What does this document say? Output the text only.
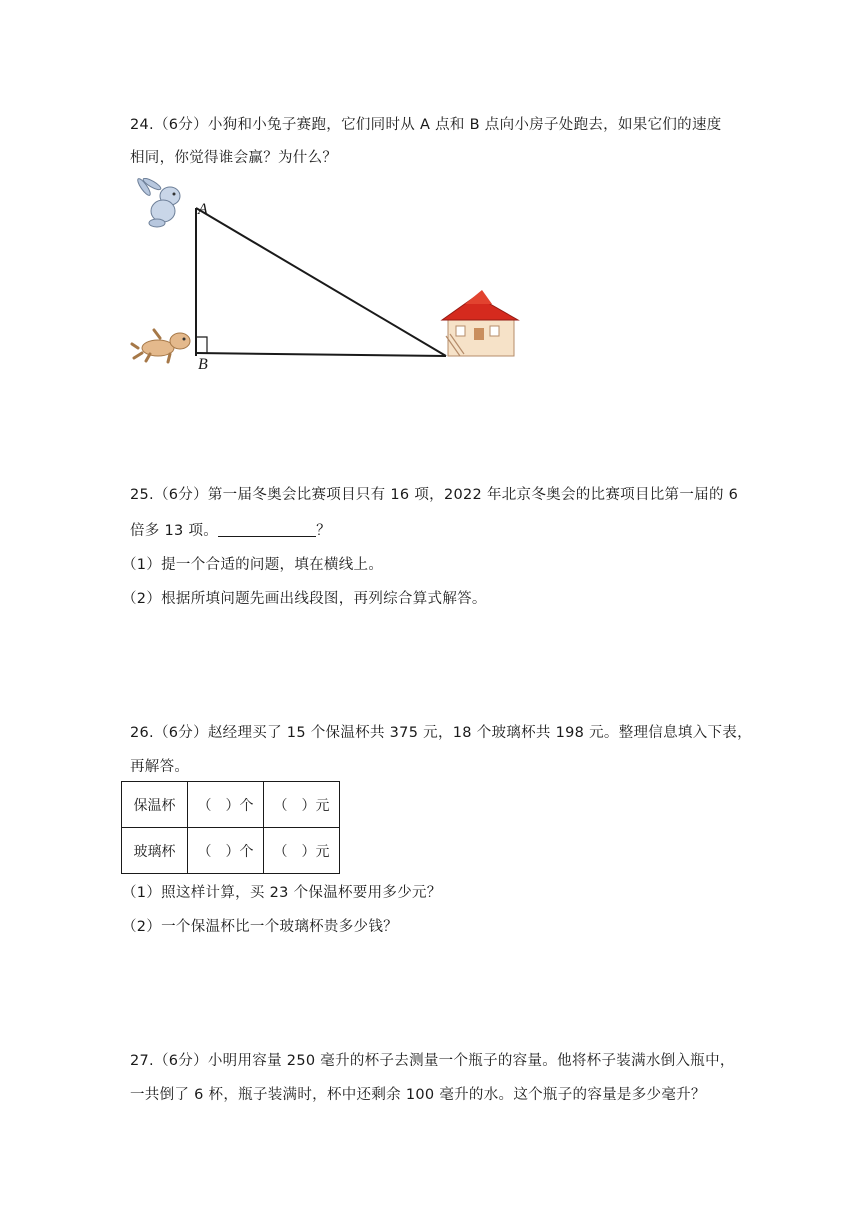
24.（6分）小狗和小兔子赛跑，它们同时从 A 点和 B 点向小房子处跑去，如果它们的速度
相同，你觉得谁会赢？为什么？
A
B
25.（6分）第一届冬奥会比赛项目只有 16 项，2022 年北京冬奥会的比赛项目比第一届的 6
倍多 13 项。	？
（1）提一个合适的问题，填在横线上。
（2）根据所填问题先画出线段图，再列综合算式解答。
26.（6分）赵经理买了 15 个保温杯共 375 元，18 个玻璃杯共 198 元。整理信息填入下表，
再解答。
保温杯	（　）个	（　）元
玻璃杯	（　）个	（　）元
（1）照这样计算，买 23 个保温杯要用多少元？
（2）一个保温杯比一个玻璃杯贵多少钱？
27.（6分）小明用容量 250 毫升的杯子去测量一个瓶子的容量。他将杯子装满水倒入瓶中，
一共倒了 6 杯，瓶子装满时，杯中还剩余 100 毫升的水。这个瓶子的容量是多少毫升？
